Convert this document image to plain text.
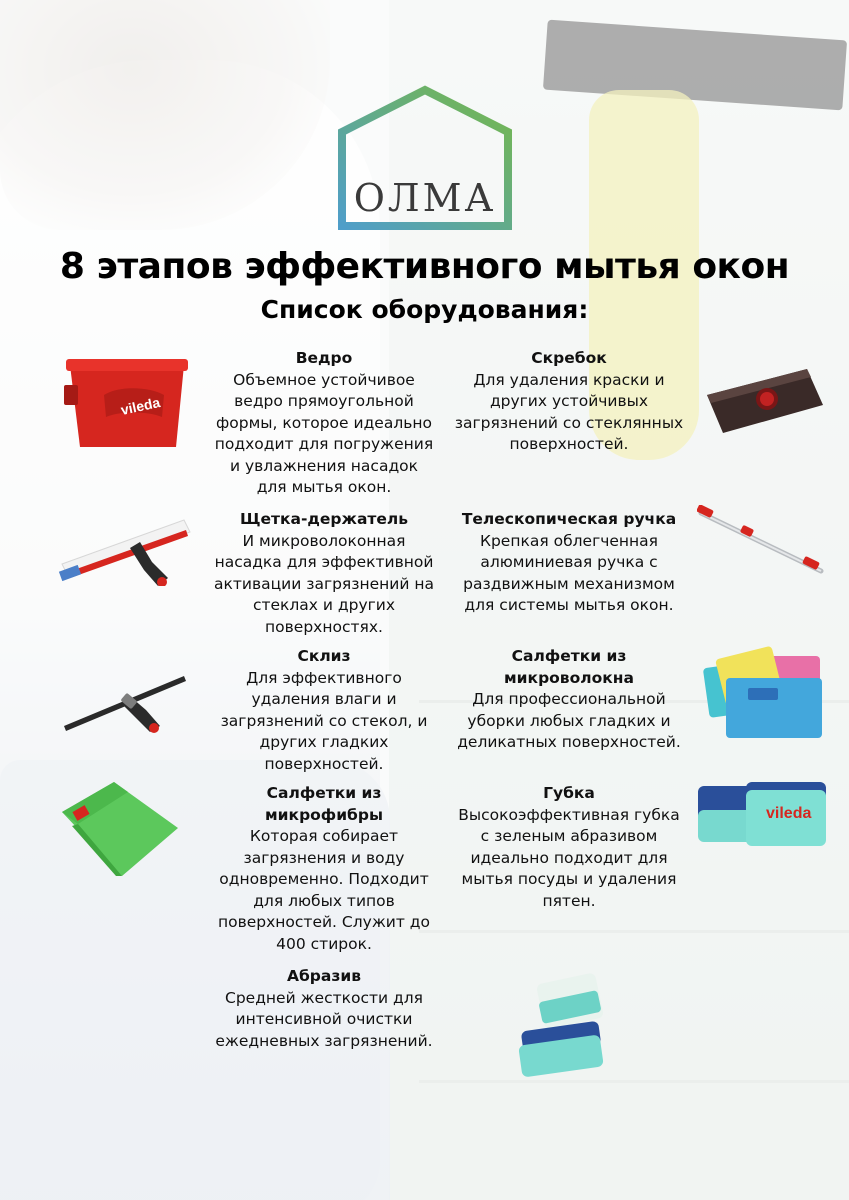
ОЛМА
8 этапов эффективного мытья окон
Список оборудования:
Ведро
Объемное устойчивое ведро прямоугольной формы, которое идеально подходит для погружения и увлажнения насадок для мытья окон.
Щетка-держатель
И микроволоконная насадка для эффективной активации загрязнений на стеклах и других поверхностях.
Склиз
Для эффективного удаления влаги и загрязнений со стекол, и других гладких поверхностей.
Салфетки из микрофибры
Которая собирает загрязнения и воду одновременно. Подходит для любых типов поверхностей. Служит до 400 стирок.
Абразив
Средней жесткости для интенсивной очистки ежедневных загрязнений.
Скребок
Для удаления краски и других устойчивых загрязнений со стеклянных поверхностей.
Телескопическая ручка
Крепкая облегченная алюминиевая ручка с раздвижным механизмом для системы мытья окон.
Салфетки из микроволокна
Для профессиональной уборки любых гладких и деликатных поверхностей.
Губка
Высокоэффективная губка с зеленым абразивом идеально подходит для мытья посуды и удаления пятен.
vileda
vileda
